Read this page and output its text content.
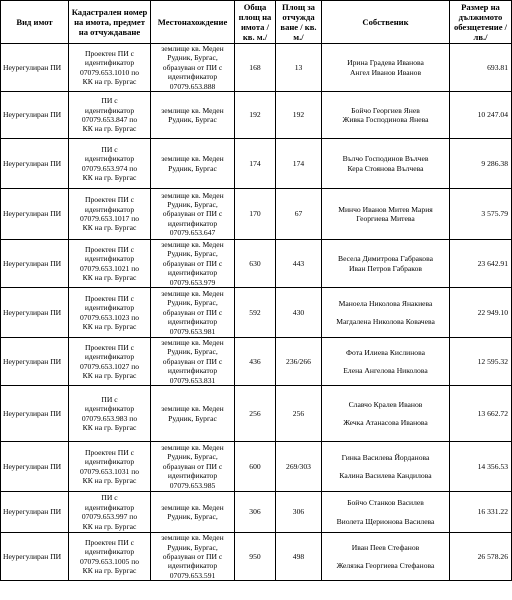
Вид имот	Кадастрален номер на имота, предмет на отчуждаване	Местонахождение	Обща площ на имота /кв. м./	Площ за отчужда ване / кв. м./	Собственик	Размер на дължимото обезщетение /лв./
Неурегулиран ПИ	Проектен ПИ с
идентификатор
07079.653.1010 по
КК на гр. Бургас	землище кв. Меден
Рудник, Бургас,
образуван от ПИ с
идентификатор
07079.653.888	168	13	Ирина Градева Иванова
Ангел Иванов Иванов	693.81
Неурегулиран ПИ	ПИ с
идентификатор
07079.653.847 по
КК на гр. Бургас	землище кв. Медeн
Рудник, Бургас	192	192	Бойчо Георгиев Янев
Живка Господинова Янева	10 247.04
Неурегулиран ПИ	ПИ с
идентификатор
07079.653.974 по
КК на гр. Бургас	землище кв. Медeн
Рудник, Бургас	174	174	Вълчо Господинов Вълчев
Кера Стоянова Вълчева	9 286.38
Неурегулиран ПИ	Проектен ПИ с
идентификатор
07079.653.1017 по
КК на гр. Бургас	землище кв. Меден
Рудник, Бургас,
образуван от ПИ с
идентификатор
07079.653.647	170	67	Минчо Иванов Митев Мария
Георгиева Митева	3 575.79
Неурегулиран ПИ	Проектен ПИ с
идентификатор
07079.653.1021 по
КК на гр. Бургас	землище кв. Медeн
Рудник, Бургас,
образуван от ПИ с
идентификатор
07079.653.979	630	443	Весела Димитрова Габракова
Иван Петров Габраков	23 642.91
Неурегулиран ПИ	Проектен ПИ с
идентификатор
07079.653.1023 по
КК на гр. Бургас	землище кв. Медeн
Рудник, Бургас,
образуван от ПИ с
идентификатор
07079.653.981	592	430	Манoела Николова Янакиева
Магдалена Николова Ковачева	22 949.10
Неурегулиран ПИ	Проектен ПИ с
идентификатор
07079.653.1027 по
КК на гр. Бургас	землище кв. Медeн
Рудник, Бургас,
образуван от ПИ с
идентификатор
07079.653.831	436	236/266	Фота Илиева Кислинова
Елена Ангелова Николова	12 595.32
Неурегулиран ПИ	ПИ с
идентификатор
07079.653.983 по
КК на гр. Бургас	землище кв. Медeн
Рудник, Бургас	256	256	Славчо Кралев Иванов
Жечка Атанасова Иванова	13 662.72
Неурегулиран ПИ	Проектен ПИ с
идентификатор
07079.653.1031 по
КК на гр. Бургас	землище кв. Медeн
Рудник, Бургас,
образуван от ПИ с
идентификатор
07079.653.985	600	269/303	Гинка Василева Йорданова
Калина Василева Кандилова	14 356.53
Неурегулиран ПИ	ПИ с
идентификатор
07079.653.997 по
КК на гр. Бургас	землище кв. Медeн
Рудник, Бургас,	306	306	Бойчо Станков Василев
Виолета Щерионова Василева	16 331.22
Неурегулиран ПИ	Проектен ПИ с
идентификатор
07079.653.1005 по
КК на гр. Бургас	землище кв. Медeн
Рудник, Бургас,
образуван от ПИ с
идентификатор
07079.653.591	950	498	Иван Пеев Стефанов
Желязка Георгиева Стефанова	26 578.26
